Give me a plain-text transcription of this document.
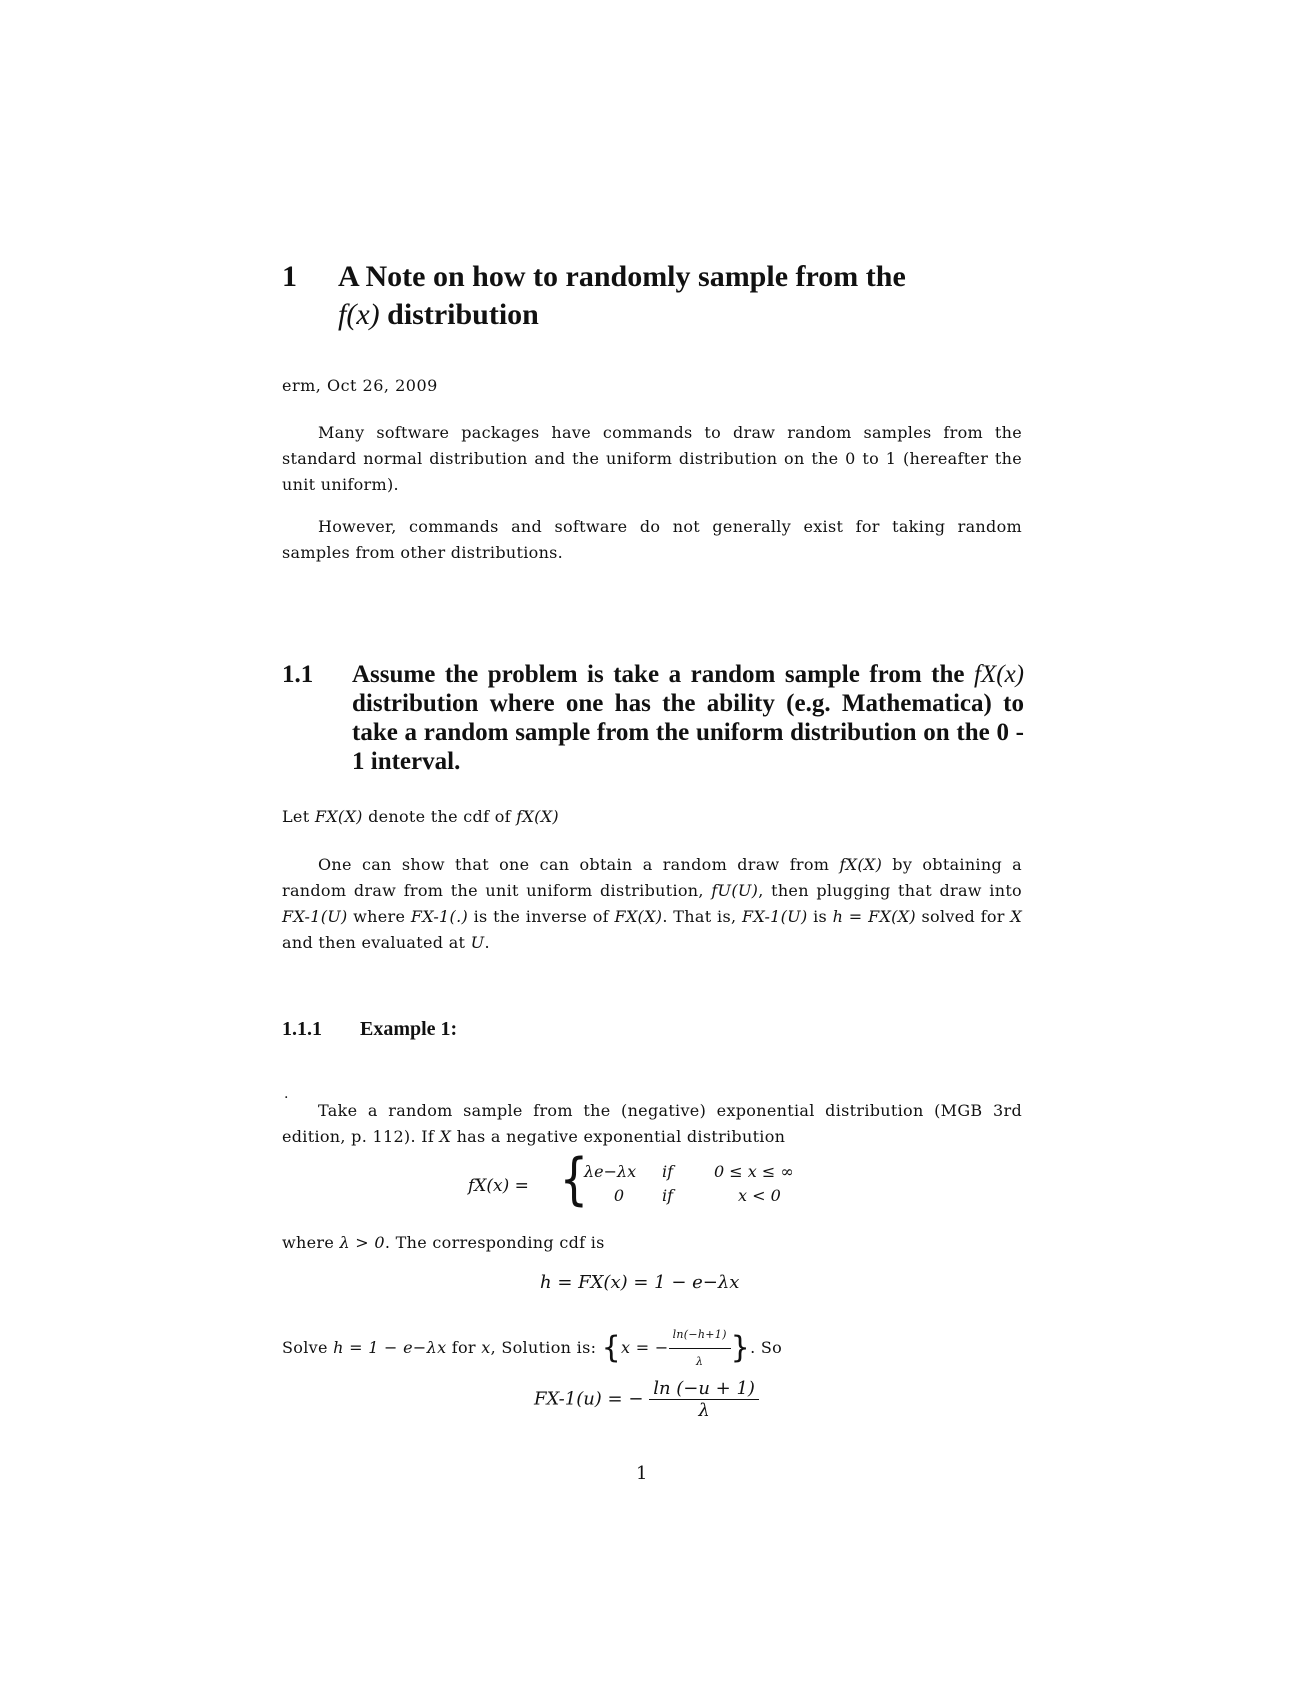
1 A Note on how to randomly sample from the
f(x) distribution
erm, Oct 26, 2009
Many software packages have commands to draw random samples from the standard normal distribution and the uniform distribution on the 0 to 1 (hereafter the unit uniform).
However, commands and software do not generally exist for taking random samples from other distributions.
1.1 Assume the problem is take a random sample from the fX(x) distribution where one has the ability (e.g. Mathematica) to take a random sample from the uniform distribution on the 0 - 1 interval.
Let FX(X) denote the cdf of fX(X)
One can show that one can obtain a random draw from fX(X) by obtaining a random draw from the unit uniform distribution, fU(U), then plugging that draw into FX-1(U) where FX-1(.) is the inverse of FX(X). That is, FX-1(U) is h = FX(X) solved for X and then evaluated at U.
1.1.1 Example 1:
.
Take a random sample from the (negative) exponential distribution (MGB 3rd edition, p. 112). If X has a negative exponential distribution
fX(x) = {
λe−λx	if	0 ≤ x ≤ ∞
0	if	x < 0
where λ > 0. The corresponding cdf is
h = FX(x) = 1 − e−λx
Solve h = 1 − e−λx for x, Solution is: {x = − $\frac{\ln(-h+1)}{\lambda}$ }. So
FX-1(u) = − $\frac{\ln (-u + 1)}{\lambda}$
1
